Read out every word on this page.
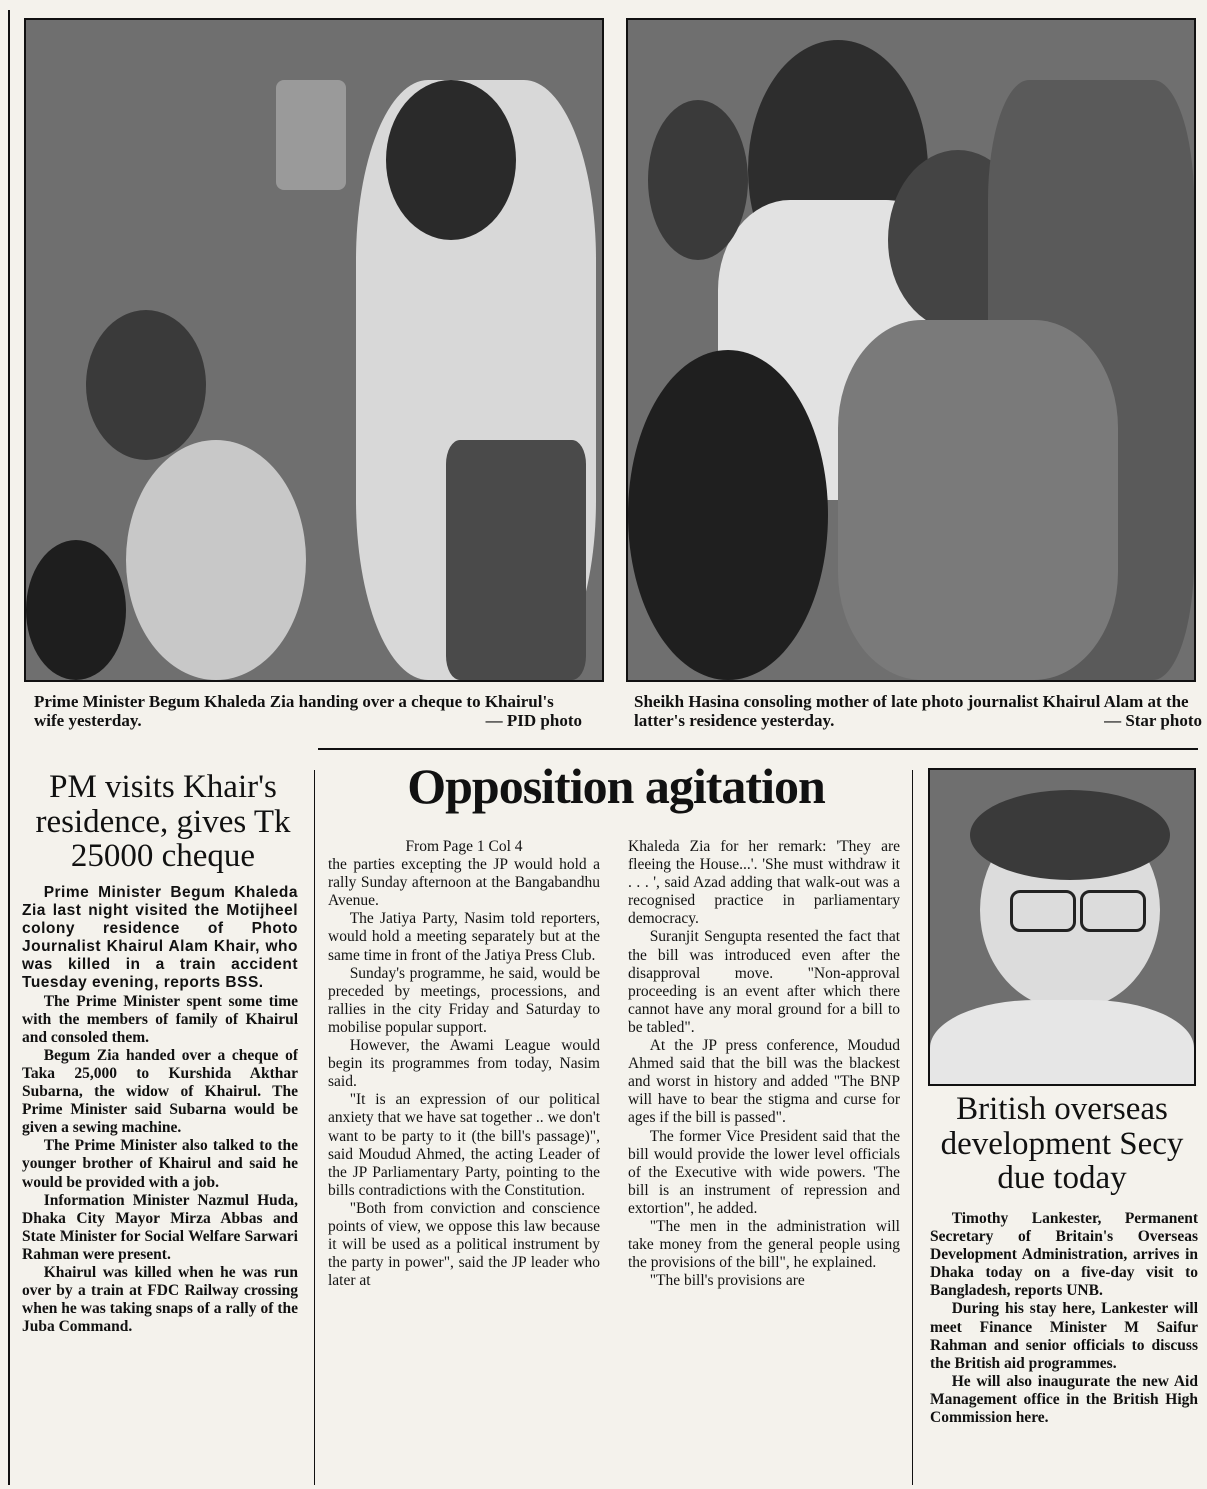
Prime Minister Begum Khaleda Zia handing over a cheque to Khairul's wife yesterday.	— PID photo
Sheikh Hasina consoling mother of late photo journalist Khairul Alam at the latter's residence yesterday.	— Star photo
PM visits Khair's residence, gives Tk 25000 cheque

Prime Minister Begum Khaleda Zia last night visited the Motijheel colony residence of Photo Journalist Khairul Alam Khair, who was killed in a train accident Tuesday evening, reports BSS.

The Prime Minister spent some time with the members of family of Khairul and consoled them.

Begum Zia handed over a cheque of Taka 25,000 to Kurshida Akthar Subarna, the widow of Khairul. The Prime Minister said Subarna would be given a sewing machine.

The Prime Minister also talked to the younger brother of Khairul and said he would be provided with a job.

Information Minister Nazmul Huda, Dhaka City Mayor Mirza Abbas and State Minister for Social Welfare Sarwari Rahman were present.

Khairul was killed when he was run over by a train at FDC Railway crossing when he was taking snaps of a rally of the Juba Command.

Opposition agitation

From Page 1 Col 4

the parties excepting the JP would hold a rally Sunday afternoon at the Bangabandhu Avenue.

The Jatiya Party, Nasim told reporters, would hold a meeting separately but at the same time in front of the Jatiya Press Club.

Sunday's programme, he said, would be preceded by meetings, processions, and rallies in the city Friday and Saturday to mobilise popular support.

However, the Awami League would begin its programmes from today, Nasim said.

"It is an expression of our political anxiety that we have sat together .. we don't want to be party to it (the bill's passage)", said Moudud Ahmed, the acting Leader of the JP Parliamentary Party, pointing to the bills contradictions with the Constitution.

"Both from conviction and conscience points of view, we oppose this law because it will be used as a political instrument by the party in power", said the JP leader who later at

Khaleda Zia for her remark: 'They are fleeing the House...'. 'She must withdraw it . . . ', said Azad adding that walk-out was a recognised practice in parliamentary democracy.

Suranjit Sengupta resented the fact that the bill was introduced even after the disapproval move. "Non-approval proceeding is an event after which there cannot have any moral ground for a bill to be tabled".

At the JP press conference, Moudud Ahmed said that the bill was the blackest and worst in history and added "The BNP will have to bear the stigma and curse for ages if the bill is passed".

The former Vice President said that the bill would provide the lower level officials of the Executive with wide powers. 'The bill is an instrument of repression and extortion", he added.

"The men in the administration will take money from the general people using the provisions of the bill", he explained.

"The bill's provisions are

British overseas development Secy due today

Timothy Lankester, Permanent Secretary of Britain's Overseas Development Administration, arrives in Dhaka today on a five-day visit to Bangladesh, reports UNB.

During his stay here, Lankester will meet Finance Minister M Saifur Rahman and senior officials to discuss the British aid programmes.

He will also inaugurate the new Aid Management office in the British High Commission here.
